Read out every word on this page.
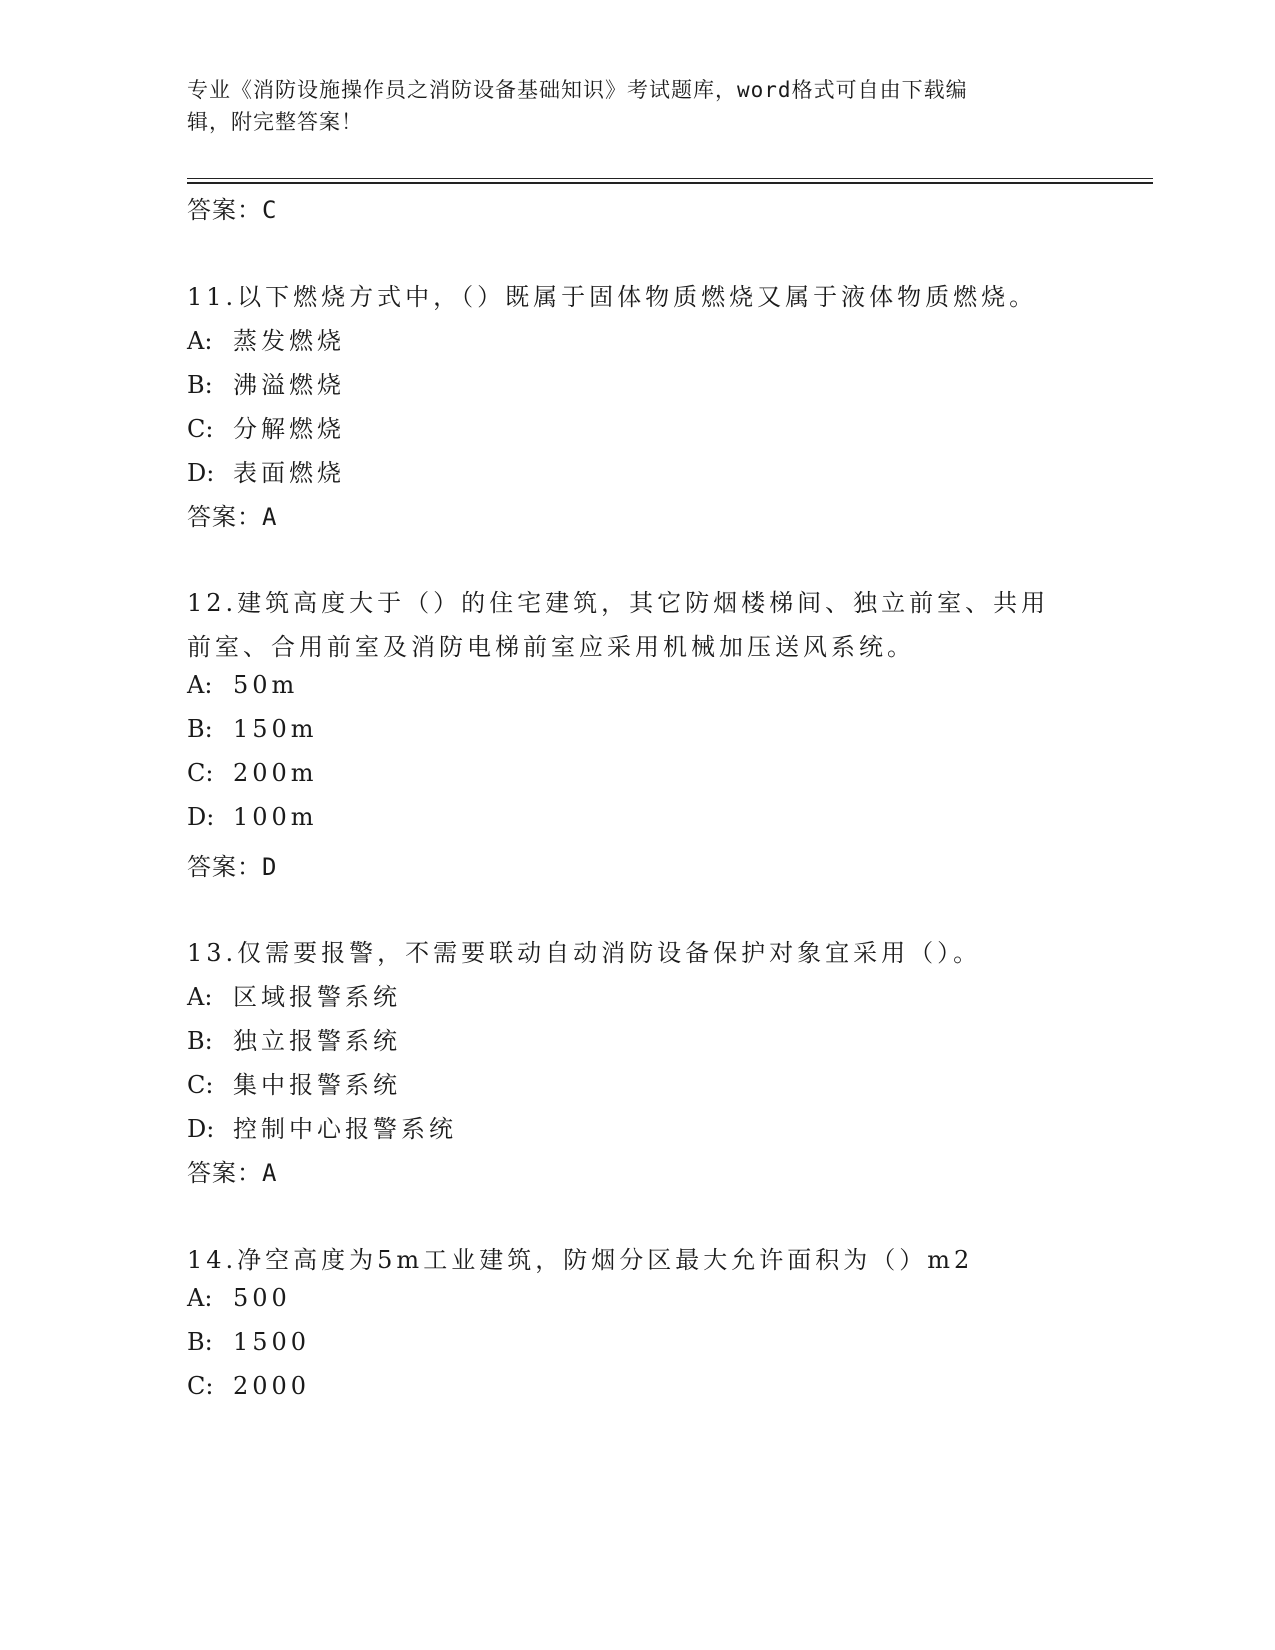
专业《消防设施操作员之消防设备基础知识》考试题库，word格式可自由下载编
辑，附完整答案！
答案：C
11.以下燃烧方式中，（）既属于固体物质燃烧又属于液体物质燃烧。
A: 蒸发燃烧
B: 沸溢燃烧
C: 分解燃烧
D: 表面燃烧
答案：A
12.建筑高度大于（）的住宅建筑，其它防烟楼梯间、独立前室、共用
前室、合用前室及消防电梯前室应采用机械加压送风系统。
A: 50m
B: 150m
C: 200m
D: 100m
答案：D
13.仅需要报警，不需要联动自动消防设备保护对象宜采用（）。
A: 区域报警系统
B: 独立报警系统
C: 集中报警系统
D: 控制中心报警系统
答案：A
14.净空高度为5m工业建筑，防烟分区最大允许面积为（）m2
A: 500
B: 1500
C: 2000
